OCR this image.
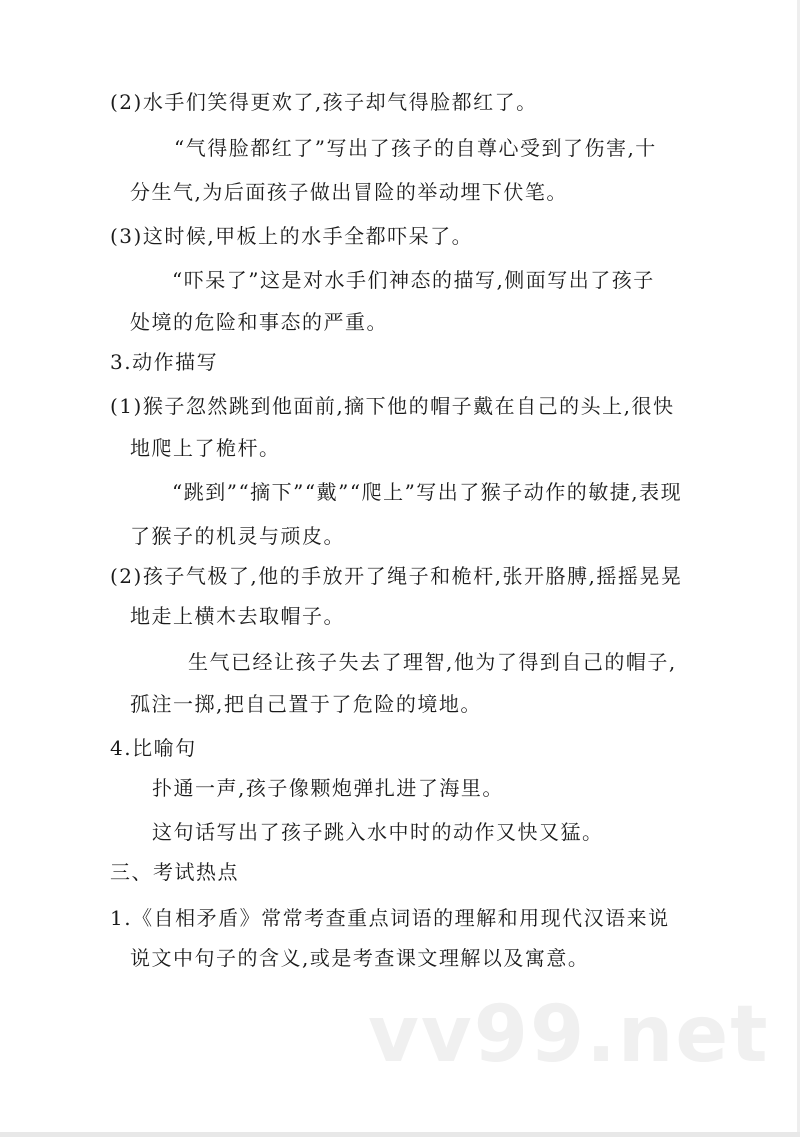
(2)水手们笑得更欢了,孩子却气得脸都红了。
“气得脸都红了”写出了孩子的自尊心受到了伤害,十
分生气,为后面孩子做出冒险的举动埋下伏笔。
(3)这时候,甲板上的水手全都吓呆了。
“吓呆了”这是对水手们神态的描写,侧面写出了孩子
处境的危险和事态的严重。
3.动作描写
(1)猴子忽然跳到他面前,摘下他的帽子戴在自己的头上,很快
地爬上了桅杆。
“跳到”“摘下”“戴”“爬上”写出了猴子动作的敏捷,表现
了猴子的机灵与顽皮。
(2)孩子气极了,他的手放开了绳子和桅杆,张开胳膊,摇摇晃晃
地走上横木去取帽子。
生气已经让孩子失去了理智,他为了得到自己的帽子,
孤注一掷,把自己置于了危险的境地。
4.比喻句
扑通一声,孩子像颗炮弹扎进了海里。
这句话写出了孩子跳入水中时的动作又快又猛。
三、考试热点
1.《自相矛盾》常常考查重点词语的理解和用现代汉语来说
说文中句子的含义,或是考查课文理解以及寓意。
vv99.net
